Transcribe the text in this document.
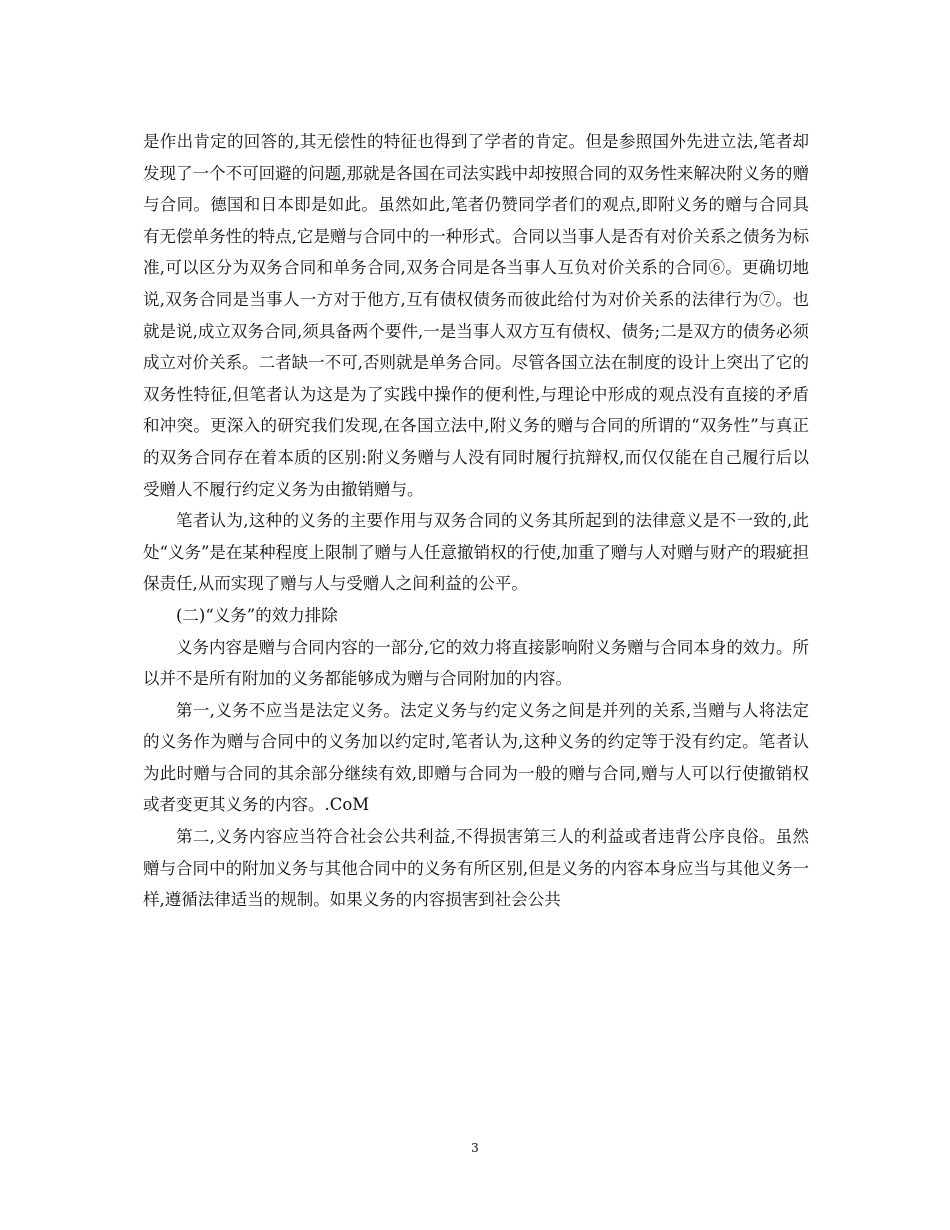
是作出肯定的回答的,其无偿性的特征也得到了学者的肯定。但是参照国外先进立法,笔者却发现了一个不可回避的问题,那就是各国在司法实践中却按照合同的双务性来解决附义务的赠与合同。德国和日本即是如此。虽然如此,笔者仍赞同学者们的观点,即附义务的赠与合同具有无偿单务性的特点,它是赠与合同中的一种形式。合同以当事人是否有对价关系之债务为标准,可以区分为双务合同和单务合同,双务合同是各当事人互负对价关系的合同⑥。更确切地说,双务合同是当事人一方对于他方,互有债权债务而彼此给付为对价关系的法律行为⑦。也就是说,成立双务合同,须具备两个要件,一是当事人双方互有债权、债务;二是双方的债务必须成立对价关系。二者缺一不可,否则就是单务合同。尽管各国立法在制度的设计上突出了它的双务性特征,但笔者认为这是为了实践中操作的便利性,与理论中形成的观点没有直接的矛盾和冲突。更深入的研究我们发现,在各国立法中,附义务的赠与合同的所谓的“双务性”与真正的双务合同存在着本质的区别:附义务赠与人没有同时履行抗辩权,而仅仅能在自己履行后以受赠人不履行约定义务为由撤销赠与。

笔者认为,这种的义务的主要作用与双务合同的义务其所起到的法律意义是不一致的,此处“义务”是在某种程度上限制了赠与人任意撤销权的行使,加重了赠与人对赠与财产的瑕疵担保责任,从而实现了赠与人与受赠人之间利益的公平。

(二)“义务”的效力排除

义务内容是赠与合同内容的一部分,它的效力将直接影响附义务赠与合同本身的效力。所以并不是所有附加的义务都能够成为赠与合同附加的内容。

第一,义务不应当是法定义务。法定义务与约定义务之间是并列的关系,当赠与人将法定的义务作为赠与合同中的义务加以约定时,笔者认为,这种义务的约定等于没有约定。笔者认为此时赠与合同的其余部分继续有效,即赠与合同为一般的赠与合同,赠与人可以行使撤销权或者变更其义务的内容。.CoM

第二,义务内容应当符合社会公共利益,不得损害第三人的利益或者违背公序良俗。虽然赠与合同中的附加义务与其他合同中的义务有所区别,但是义务的内容本身应当与其他义务一样,遵循法律适当的规制。如果义务的内容损害到社会公共

3
